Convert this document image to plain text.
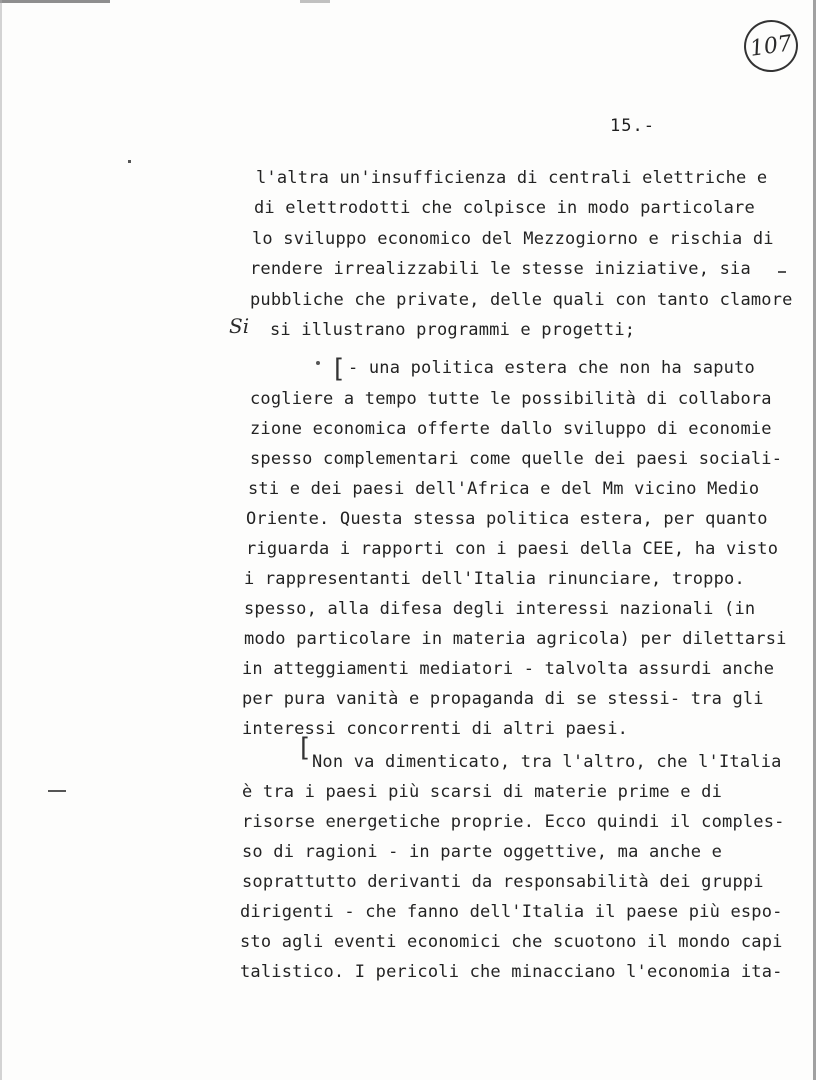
107
15.-
Si
[
[
l'altra un'insufficienza di centrali elettriche e
di elettrodotti che colpisce in modo particolare
lo sviluppo economico del Mezzogiorno e rischia di
rendere irrealizzabili le stesse iniziative, sia
pubbliche che private, delle quali con tanto clamore
si illustrano programmi e progetti;
- una politica estera che non ha saputo
cogliere a tempo tutte le possibilità di collabora
zione economica offerte dallo sviluppo di economie
spesso complementari come quelle dei paesi sociali-
sti e dei paesi dell'Africa e del Mm vicino Medio
Oriente. Questa stessa politica estera, per quanto
riguarda i rapporti con i paesi della CEE, ha visto
i rappresentanti dell'Italia rinunciare, troppo.
spesso, alla difesa degli interessi nazionali (in
modo particolare in materia agricola) per dilettarsi
in atteggiamenti mediatori - talvolta assurdi anche
per pura vanità e propaganda di se stessi- tra gli
interessi concorrenti di altri paesi.
Non va dimenticato, tra l'altro, che l'Italia
è tra i paesi più scarsi di materie prime e di
risorse energetiche proprie. Ecco quindi il comples-
so di ragioni - in parte oggettive, ma anche e
soprattutto derivanti da responsabilità dei gruppi
dirigenti - che fanno dell'Italia il paese più espo-
sto agli eventi economici che scuotono il mondo capi
talistico. I pericoli che minacciano l'economia ita-
